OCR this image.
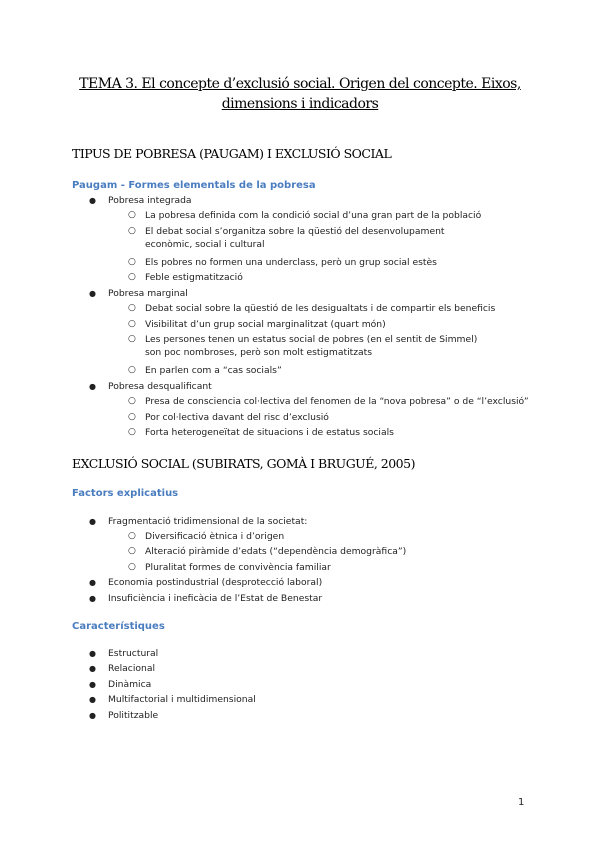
TEMA 3. El concepte d’exclusió social. Origen del concepte. Eixos,
dimensions i indicadors
TIPUS DE POBRESA (PAUGAM) I EXCLUSIÓ SOCIAL
Paugam - Formes elementals de la pobresa
● Pobresa integrada
○ La pobresa definida com la condició social d’una gran part de la població
○ El debat social s’organitza sobre la qüestió del desenvolupament econòmic, social i cultural
○ Els pobres no formen una underclass, però un grup social estès
○ Feble estigmatització
● Pobresa marginal
○ Debat social sobre la qüestió de les desigualtats i de compartir els beneficis
○ Visibilitat d’un grup social marginalitzat (quart món)
○ Les persones tenen un estatus social de pobres (en el sentit de Simmel) son poc nombroses, però son molt estigmatitzats
○ En parlen com a “cas socials”
● Pobresa desqualificant
○ Presa de consciencia col·lectiva del fenomen de la “nova pobresa” o de “l’exclusió”
○ Por col·lectiva davant del risc d’exclusió
○ Forta heterogeneïtat de situacions i de estatus socials
EXCLUSIÓ SOCIAL (SUBIRATS, GOMÀ I BRUGUÉ, 2005)
Factors explicatius
● Fragmentació tridimensional de la societat:
○ Diversificació ètnica i d’origen
○ Alteració piràmide d’edats (“dependència demogràfica”)
○ Pluralitat formes de convivència familiar
● Economia postindustrial (desprotecció laboral)
● Insuficiència i ineficàcia de l’Estat de Benestar
Característiques
● Estructural
● Relacional
● Dinàmica
● Multifactorial i multidimensional
● Polititzable
1
